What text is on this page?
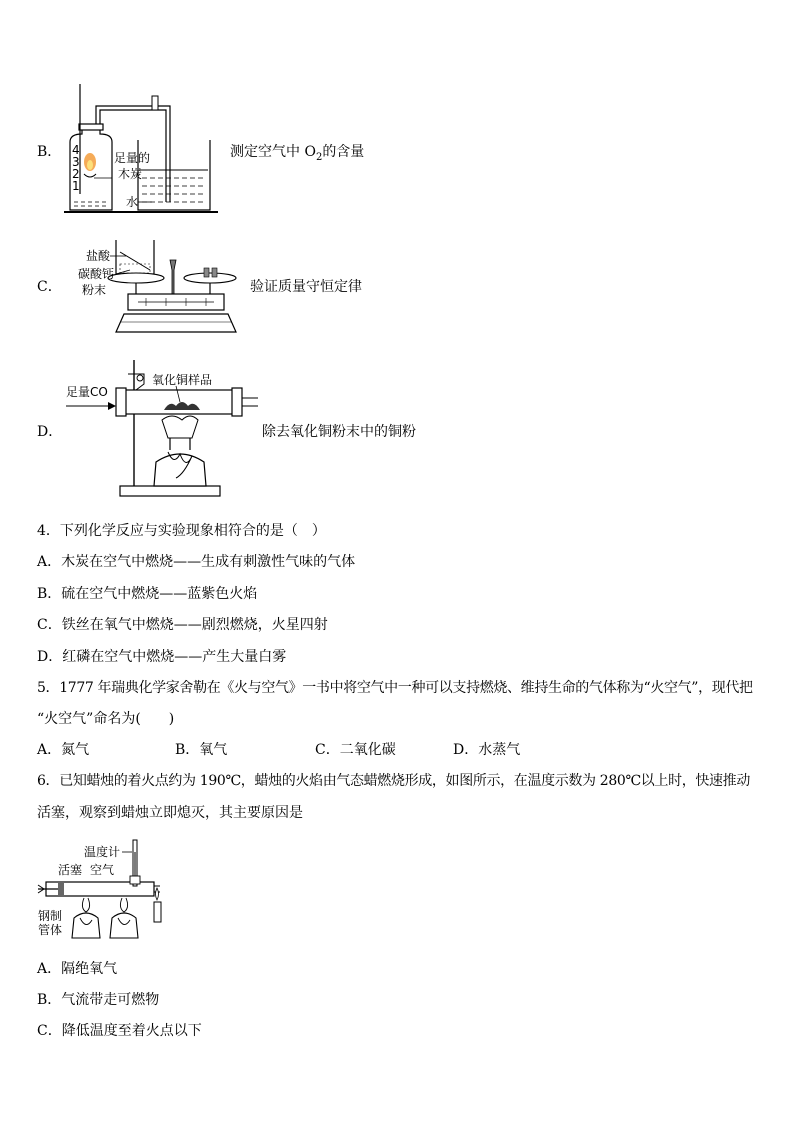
B． 4
3
2
1
足量的
木炭
水
测定空气中 $O_2$的含量
C．
盐酸
碳酸钙
粉末	验证质量守恒定律
D．
足量CO
氧化铜样品
除去氧化铜粉末中的铜粉
4．下列化学反应与实验现象相符合的是（　）
A．木炭在空气中燃烧——生成有刺激性气味的气体
B．硫在空气中燃烧——蓝紫色火焰
C．铁丝在氧气中燃烧——剧烈燃烧，火星四射
D．红磷在空气中燃烧——产生大量白雾
5．1777 年瑞典化学家舍勒在《火与空气》一书中将空气中一种可以支持燃烧、维持生命的气体称为“火空气”，现代把
“火空气”命名为(　　)
A．氮气	B．氧气	C．二氧化碳	D．水蒸气
6．已知蜡烛的着火点约为 190℃，蜡烛的火焰由气态蜡燃烧形成，如图所示，在温度示数为 280℃以上时，快速推动
活塞，观察到蜡烛立即熄灭，其主要原因是
温度计
活塞 空气
钢制
管体
A．隔绝氧气
B．气流带走可燃物
C．降低温度至着火点以下
